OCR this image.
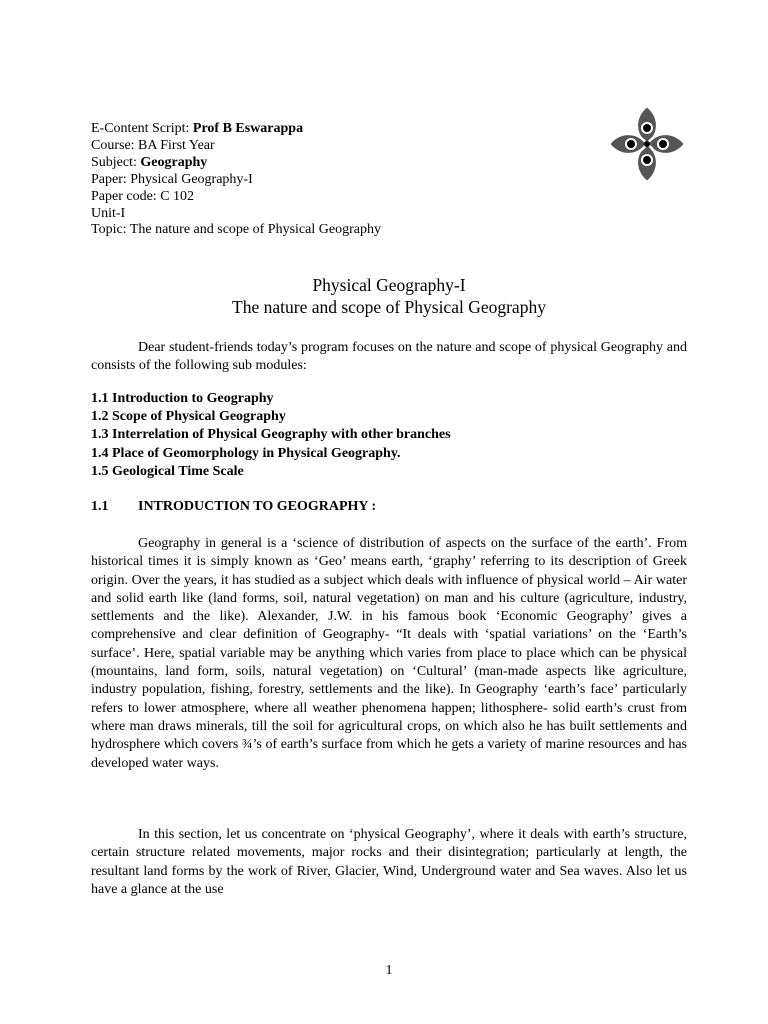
E-Content Script: Prof B Eswarappa
Course: BA First Year
Subject: Geography
Paper: Physical Geography-I
Paper code: C 102
Unit-I
Topic: The nature and scope of Physical Geography
Physical Geography-I
The nature and scope of Physical Geography

Dear student-friends today’s program focuses on the nature and scope of physical Geography and consists of the following sub modules:

1.1 Introduction to Geography
1.2 Scope of Physical Geography
1.3 Interrelation of Physical Geography with other branches
1.4 Place of Geomorphology in Physical Geography.
1.5 Geological Time Scale
1.1 INTRODUCTION TO GEOGRAPHY :

Geography in general is a ‘science of distribution of aspects on the surface of the earth’. From historical times it is simply known as ‘Geo’ means earth, ‘graphy’ referring to its description of Greek origin. Over the years, it has studied as a subject which deals with influence of physical world – Air water and solid earth like (land forms, soil, natural vegetation) on man and his culture (agriculture, industry, settlements and the like). Alexander, J.W. in his famous book ‘Economic Geography’ gives a comprehensive and clear definition of Geography- “It deals with ‘spatial variations’ on the ‘Earth’s surface’. Here, spatial variable may be anything which varies from place to place which can be physical (mountains, land form, soils, natural vegetation) on ‘Cultural’ (man-made aspects like agriculture, industry population, fishing, forestry, settlements and the like). In Geography ‘earth’s face’ particularly refers to lower atmosphere, where all weather phenomena happen; lithosphere- solid earth’s crust from where man draws minerals, till the soil for agricultural crops, on which also he has built settlements and hydrosphere which covers ¾’s of earth’s surface from which he gets a variety of marine resources and has developed water ways.

In this section, let us concentrate on ‘physical Geography’, where it deals with earth’s structure, certain structure related movements, major rocks and their disintegration; particularly at length, the resultant land forms by the work of River, Glacier, Wind, Underground water and Sea waves. Also let us have a glance at the use

1
